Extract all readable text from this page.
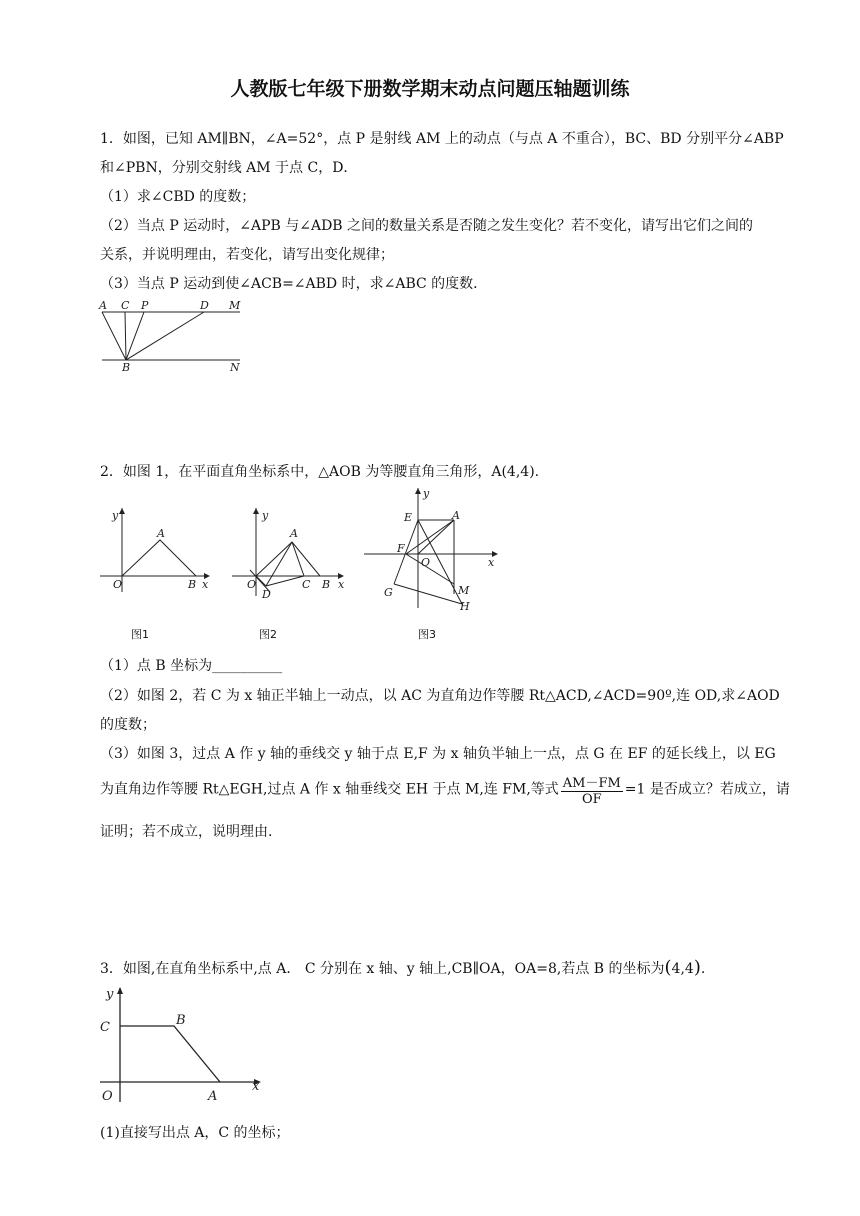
人教版七年级下册数学期末动点问题压轴题训练
1．如图，已知 AM∥BN，∠A=52°，点 P 是射线 AM 上的动点（与点 A 不重合），BC、BD 分别平分∠ABP
和∠PBN，分别交射线 AM 于点 C，D．
（1）求∠CBD 的度数；
（2）当点 P 运动时，∠APB 与∠ADB 之间的数量关系是否随之发生变化？若不变化，请写出它们之间的
关系，并说明理由，若变化，请写出变化规律；
（3）当点 P 运动到使∠ACB=∠ABD 时，求∠ABC 的度数．
A C P	D M
B	N
2．如图 1，在平面直角坐标系中，△AOB 为等腰直角三角形，A(4,4).
y
A
O	B x
图1
y
A
O
D
C B x
图2
y
E	A
F
O	x
G	M
H
图3
（1）点 B 坐标为__________
（2）如图 2，若 C 为 x 轴正半轴上一动点，以 AC 为直角边作等腰 Rt△ACD,∠ACD=90º,连 OD,求∠AOD
的度数；
（3）如图 3，过点 A 作 y 轴的垂线交 y 轴于点 E,F 为 x 轴负半轴上一点，点 G 在 EF 的延长线上，以 EG
为直角边作等腰 Rt△EGH,过点 A 作 x 轴垂线交 EH 于点 M,连 FM,等式 $\frac{AM-FM}{OF} =1$ 是否成立？若成立，请
证明；若不成立，说明理由.
3．如图,在直角坐标系中,点 A． C 分别在 x 轴、y 轴上,CB∥OA，OA=8,若点 B 的坐标为(4,4).
y
C	B
O	A
x
(1)直接写出点 A，C 的坐标；
